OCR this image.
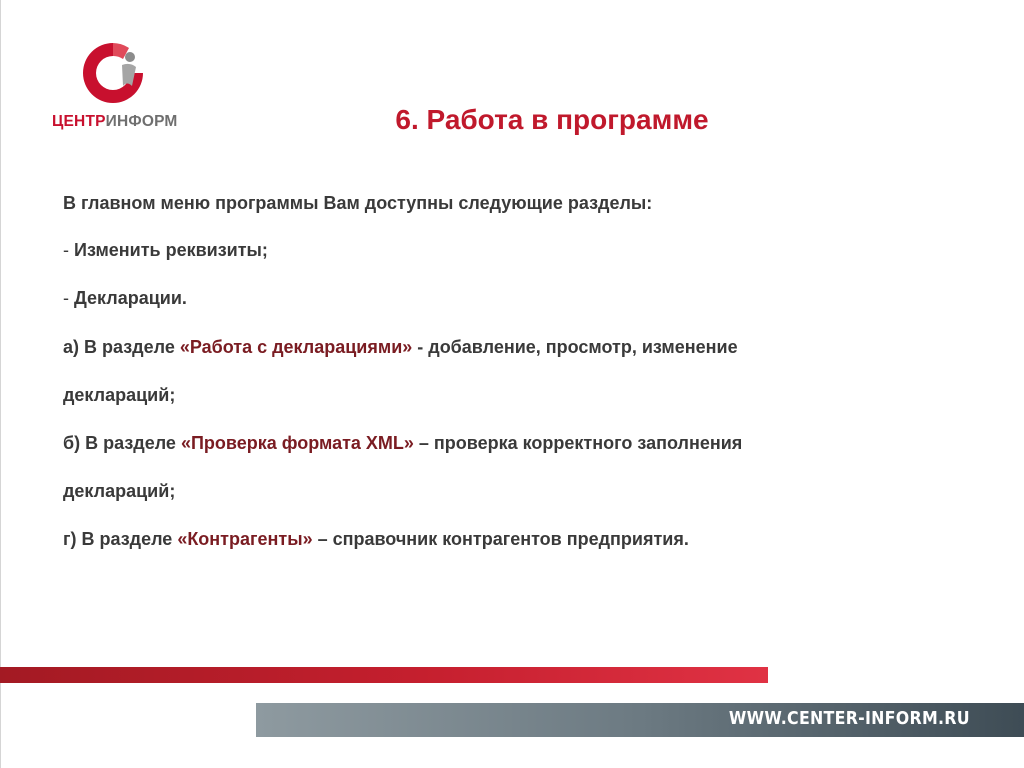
ЦЕНТРИНФОРМ	6. Работа в программе
В главном меню программы Вам доступны следующие разделы:
- Изменить реквизиты;
- Декларации.
а) В разделе «Работа с декларациями» - добавление, просмотр, изменение
деклараций;
б) В разделе «Проверка формата XML» – проверка корректного заполнения
деклараций;
г) В разделе «Контрагенты» – справочник контрагентов предприятия.
WWW.CENTER-INFORM.RU
